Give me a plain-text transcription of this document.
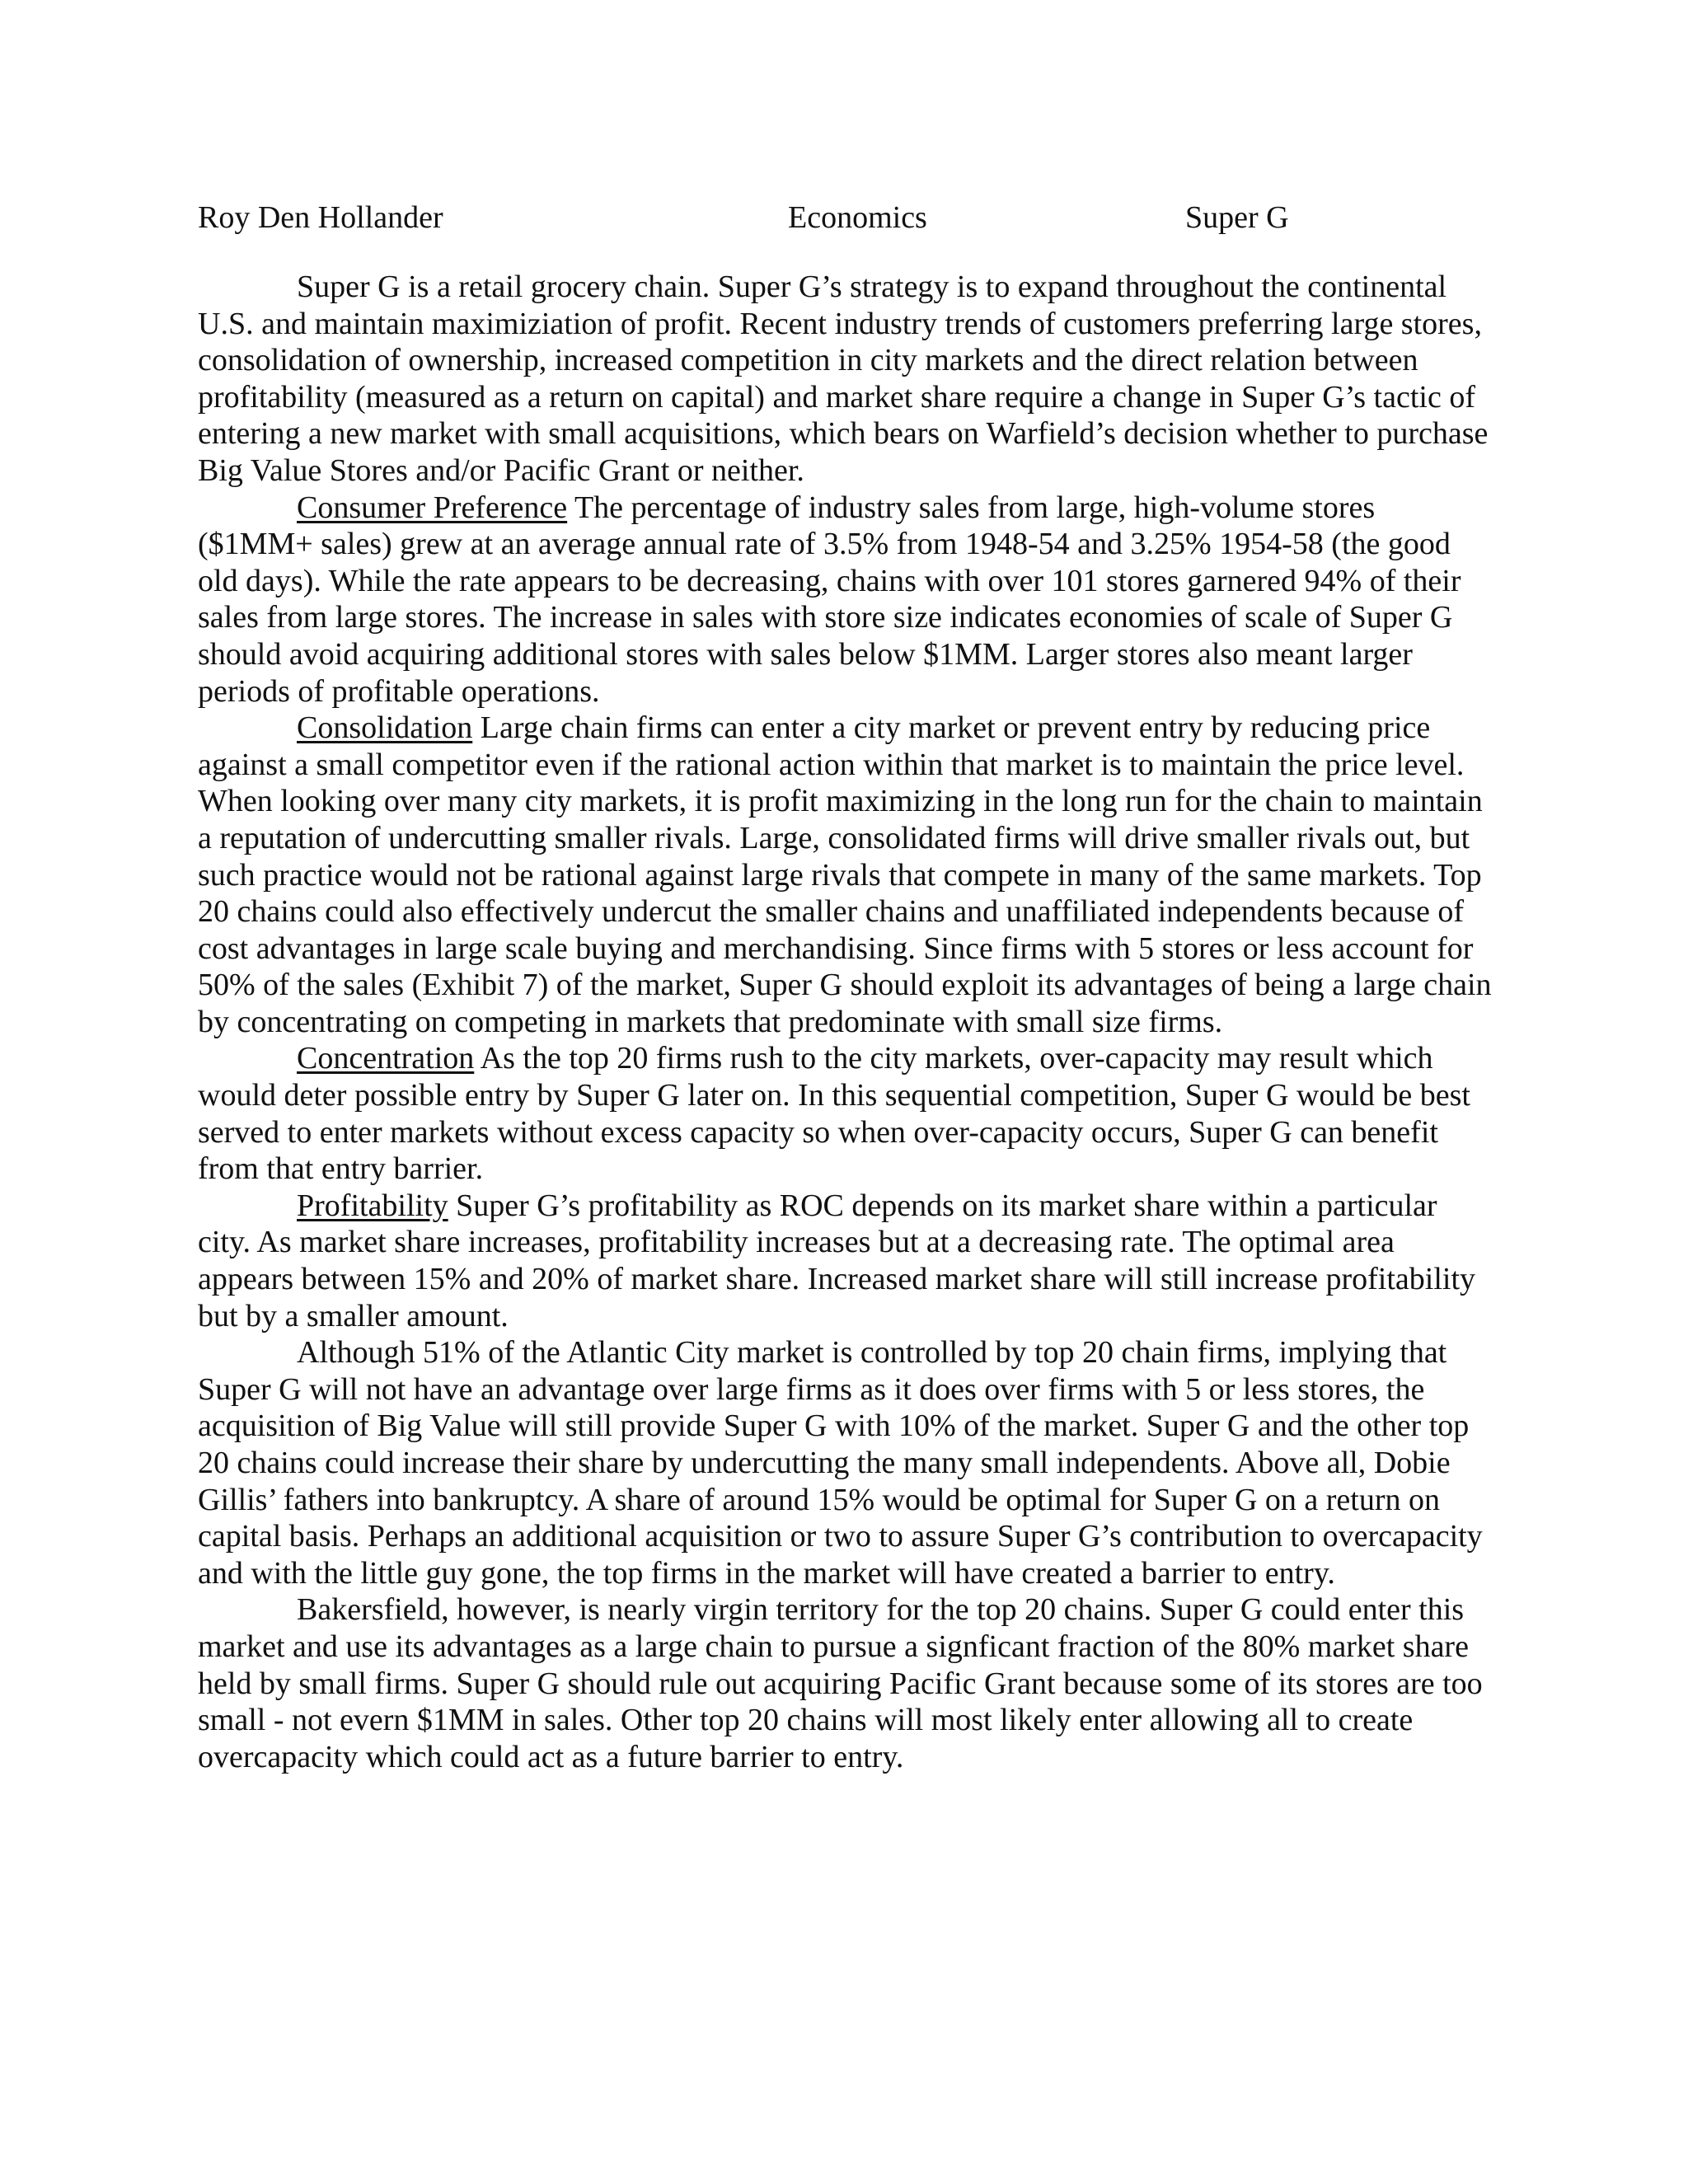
Roy Den Hollander	Economics	Super G

Super G is a retail grocery chain. Super G’s strategy is to expand throughout the continental U.S. and maintain maximiziation of profit. Recent industry trends of customers preferring large stores, consolidation of ownership, increased competition in city markets and the direct relation between profitability (measured as a return on capital) and market share require a change in Super G’s tactic of entering a new market with small acquisitions, which bears on Warfield’s decision whether to purchase Big Value Stores and/or Pacific Grant or neither.

Consumer Preference The percentage of industry sales from large, high-volume stores ($1MM+ sales) grew at an average annual rate of 3.5% from 1948-54 and 3.25% 1954-58 (the good old days). While the rate appears to be decreasing, chains with over 101 stores garnered 94% of their sales from large stores. The increase in sales with store size indicates economies of scale of Super G should avoid acquiring additional stores with sales below $1MM. Larger stores also meant larger periods of profitable operations.

Consolidation Large chain firms can enter a city market or prevent entry by reducing price against a small competitor even if the rational action within that market is to maintain the price level. When looking over many city markets, it is profit maximizing in the long run for the chain to maintain a reputation of undercutting smaller rivals. Large, consolidated firms will drive smaller rivals out, but such practice would not be rational against large rivals that compete in many of the same markets. Top 20 chains could also effectively undercut the smaller chains and unaffiliated independents because of cost advantages in large scale buying and merchandising. Since firms with 5 stores or less account for 50% of the sales (Exhibit 7) of the market, Super G should exploit its advantages of being a large chain by concentrating on competing in markets that predominate with small size firms.

Concentration As the top 20 firms rush to the city markets, over-capacity may result which would deter possible entry by Super G later on. In this sequential competition, Super G would be best served to enter markets without excess capacity so when over-capacity occurs, Super G can benefit from that entry barrier.

Profitability Super G’s profitability as ROC depends on its market share within a particular city. As market share increases, profitability increases but at a decreasing rate. The optimal area appears between 15% and 20% of market share. Increased market share will still increase profitability but by a smaller amount.

Although 51% of the Atlantic City market is controlled by top 20 chain firms, implying that Super G will not have an advantage over large firms as it does over firms with 5 or less stores, the acquisition of Big Value will still provide Super G with 10% of the market. Super G and the other top 20 chains could increase their share by undercutting the many small independents. Above all, Dobie Gillis’ fathers into bankruptcy. A share of around 15% would be optimal for Super G on a return on capital basis. Perhaps an additional acquisition or two to assure Super G’s contribution to overcapacity and with the little guy gone, the top firms in the market will have created a barrier to entry.

Bakersfield, however, is nearly virgin territory for the top 20 chains. Super G could enter this market and use its advantages as a large chain to pursue a signficant fraction of the 80% market share held by small firms. Super G should rule out acquiring Pacific Grant because some of its stores are too small - not evern $1MM in sales. Other top 20 chains will most likely enter allowing all to create overcapacity which could act as a future barrier to entry.
